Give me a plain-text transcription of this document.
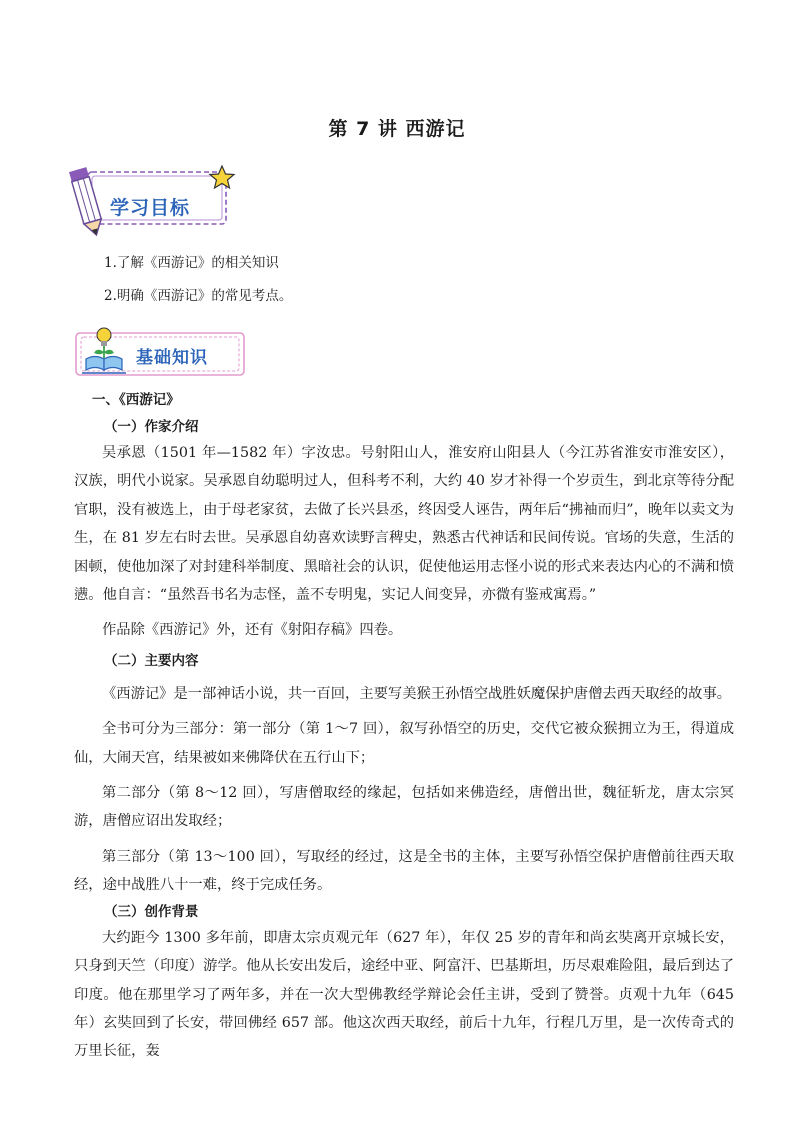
第 7 讲 西游记
学习目标
1.了解《西游记》的相关知识
2.明确《西游记》的常见考点。
基础知识

一、《西游记》

（一）作家介绍

吴承恩（1501 年—1582 年）字汝忠。号射阳山人，淮安府山阳县人（今江苏省淮安市淮安区），汉族，明代小说家。吴承恩自幼聪明过人，但科考不利，大约 40 岁才补得一个岁贡生，到北京等待分配官职，没有被选上，由于母老家贫，去做了长兴县丞，终因受人诬告，两年后“拂袖而归”，晚年以卖文为生，在 81 岁左右时去世。吴承恩自幼喜欢读野言稗史，熟悉古代神话和民间传说。官场的失意，生活的困顿，使他加深了对封建科举制度、黑暗社会的认识，促使他运用志怪小说的形式来表达内心的不满和愤懑。他自言：“虽然吾书名为志怪，盖不专明鬼，实记人间变异，亦微有鉴戒寓焉。”

作品除《西游记》外，还有《射阳存稿》四卷。

（二）主要内容

《西游记》是一部神话小说，共一百回，主要写美猴王孙悟空战胜妖魔保护唐僧去西天取经的故事。

全书可分为三部分：第一部分（第 1～7 回），叙写孙悟空的历史，交代它被众猴拥立为王，得道成仙，大闹天宫，结果被如来佛降伏在五行山下；

第二部分（第 8～12 回），写唐僧取经的缘起，包括如来佛造经，唐僧出世，魏征斩龙，唐太宗冥游，唐僧应诏出发取经；

第三部分（第 13～100 回），写取经的经过，这是全书的主体，主要写孙悟空保护唐僧前往西天取经，途中战胜八十一难，终于完成任务。

（三）创作背景

大约距今 1300 多年前，即唐太宗贞观元年（627 年），年仅 25 岁的青年和尚玄奘离开京城长安，只身到天竺（印度）游学。他从长安出发后，途经中亚、阿富汗、巴基斯坦，历尽艰难险阻，最后到达了印度。他在那里学习了两年多，并在一次大型佛教经学辩论会任主讲，受到了赞誉。贞观十九年（645 年）玄奘回到了长安，带回佛经 657 部。他这次西天取经，前后十九年，行程几万里，是一次传奇式的万里长征，轰
